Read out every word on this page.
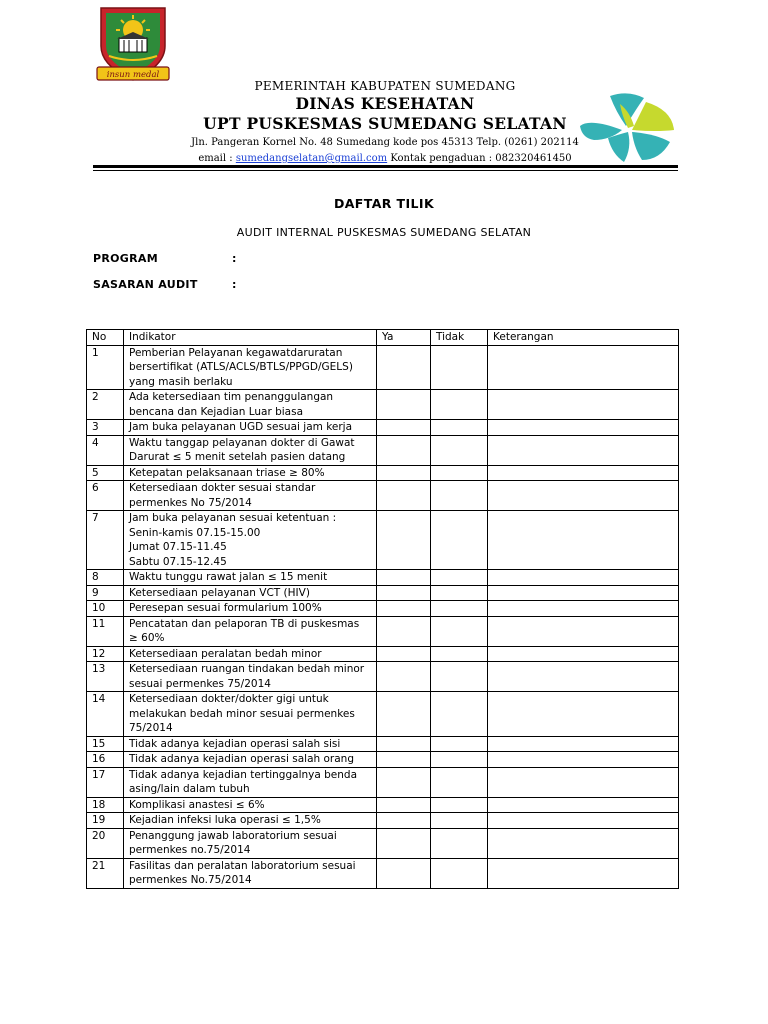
insun medal
PEMERINTAH KABUPATEN SUMEDANG
DINAS KESEHATAN
UPT PUSKESMAS SUMEDANG SELATAN
Jln. Pangeran Kornel No. 48 Sumedang kode pos 45313 Telp. (0261) 202114
email : sumedangselatan@gmail.com Kontak pengaduan : 082320461450
DAFTAR TILIK
AUDIT INTERNAL PUSKESMAS SUMEDANG SELATAN
PROGRAM	:
SASARAN AUDIT	:
No	Indikator	Ya	Tidak	Keterangan
1	Pemberian Pelayanan kegawatdaruratan bersertifikat (ATLS/ACLS/BTLS/PPGD/GELS) yang masih berlaku			
2	Ada ketersediaan tim penanggulangan bencana dan Kejadian Luar biasa			
3	Jam buka pelayanan UGD sesuai jam kerja			
4	Waktu tanggap pelayanan dokter di Gawat Darurat ≤ 5 menit setelah pasien datang			
5	Ketepatan pelaksanaan triase ≥ 80%			
6	Ketersediaan dokter sesuai standar permenkes No 75/2014			
7	Jam buka pelayanan sesuai ketentuan :
Senin-kamis 07.15-15.00
Jumat 07.15-11.45
Sabtu 07.15-12.45			
8	Waktu tunggu rawat jalan ≤ 15 menit			
9	Ketersediaan pelayanan VCT (HIV)			
10	Peresepan sesuai formularium 100%			
11	Pencatatan dan pelaporan TB di puskesmas ≥ 60%			
12	Ketersediaan peralatan bedah minor			
13	Ketersediaan ruangan tindakan bedah minor sesuai permenkes 75/2014			
14	Ketersediaan dokter/dokter gigi untuk melakukan bedah minor sesuai permenkes 75/2014			
15	Tidak adanya kejadian operasi salah sisi			
16	Tidak adanya kejadian operasi salah orang			
17	Tidak adanya kejadian tertinggalnya benda asing/lain dalam tubuh			
18	Komplikasi anastesi ≤ 6%			
19	Kejadian infeksi luka operasi ≤ 1,5%			
20	Penanggung jawab laboratorium sesuai permenkes no.75/2014			
21	Fasilitas dan peralatan laboratorium sesuai permenkes No.75/2014			
